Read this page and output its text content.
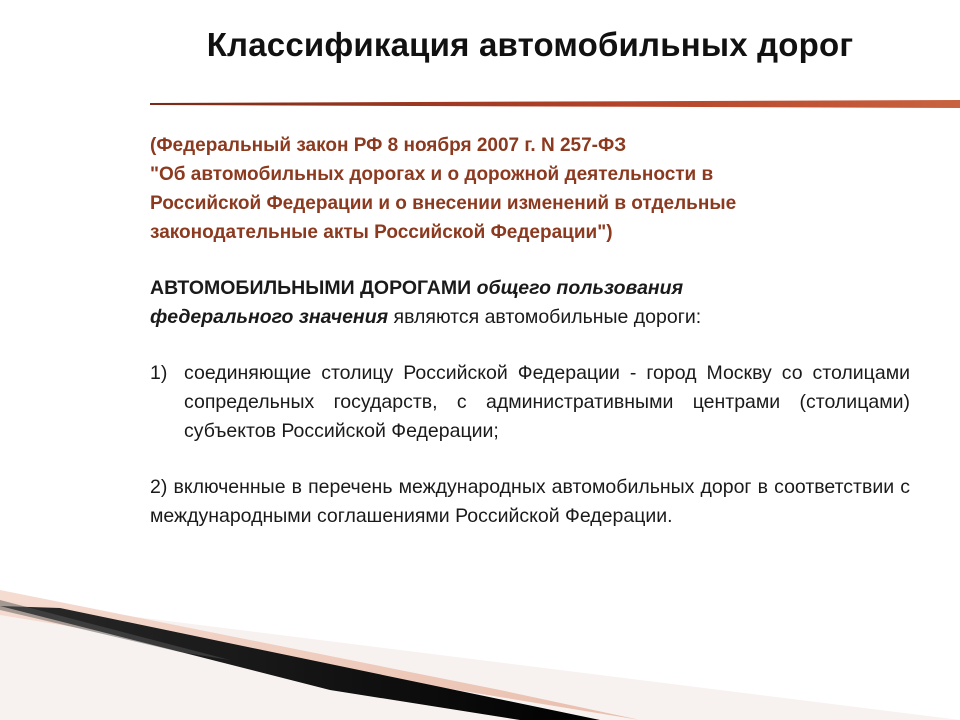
Классификация автомобильных дорог
(Федеральный закон РФ 8 ноября 2007 г. N 257-ФЗ
"Об автомобильных дорогах и о дорожной деятельности в
Российской Федерации и о внесении изменений в отдельные
законодательные акты Российской Федерации")

АВТОМОБИЛЬНЫМИ ДОРОГАМИ общего пользования
федерального значения являются автомобильные дороги:

1) соединяющие столицу Российской Федерации - город Москву со столицами сопредельных государств, с административными центрами (столицами) субъектов Российской Федерации;
2) включенные в перечень международных автомобильных дорог в соответствии с международными соглашениями Российской Федерации.
